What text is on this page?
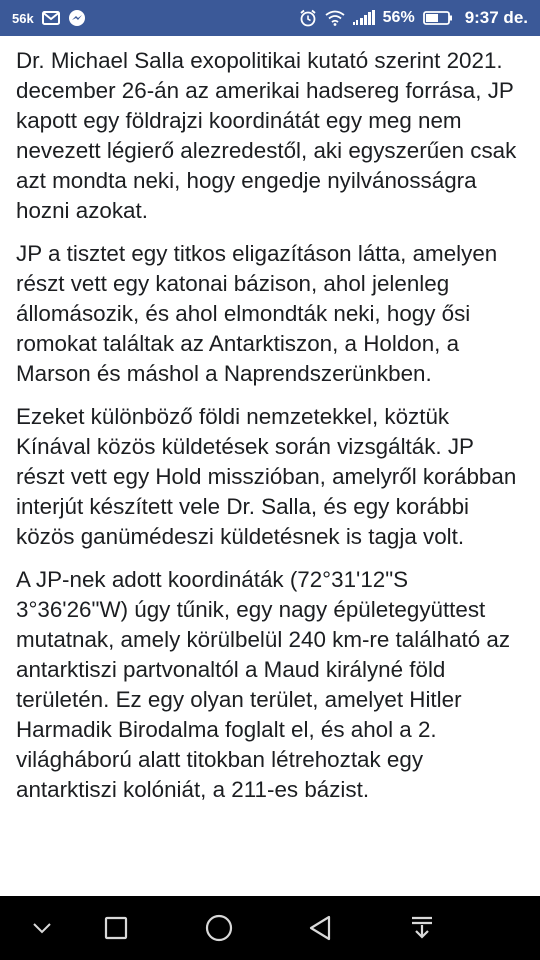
56k	56%	9:37 de.

Dr. Michael Salla exopolitikai kutató szerint 2021. december 26-án az amerikai hadsereg forrása, JP kapott egy földrajzi koordinátát egy meg nem nevezett légierő alezredestől, aki egyszerűen csak azt mondta neki, hogy engedje nyilvánosságra hozni azokat.

JP a tisztet egy titkos eligazításon látta, amelyen részt vett egy katonai bázison, ahol jelenleg állomásozik, és ahol elmondták neki, hogy ősi romokat találtak az Antarktiszon, a Holdon, a Marson és máshol a Naprendszerünkben.

Ezeket különböző földi nemzetekkel, köztük Kínával közös küldetések során vizsgálták. JP részt vett egy Hold misszióban, amelyről korábban interjút készített vele Dr. Salla, és egy korábbi közös ganümédeszi küldetésnek is tagja volt.

A JP-nek adott koordináták (72°31'12"S 3°36'26"W) úgy tűnik, egy nagy épületegyüttest mutatnak, amely körülbelül 240 km-re található az antarktiszi partvonaltól a Maud királyné föld területén. Ez egy olyan terület, amelyet Hitler Harmadik Birodalma foglalt el, és ahol a 2. világháború alatt titokban létrehoztak egy antarktiszi kolóniát, a 211-es bázist.
